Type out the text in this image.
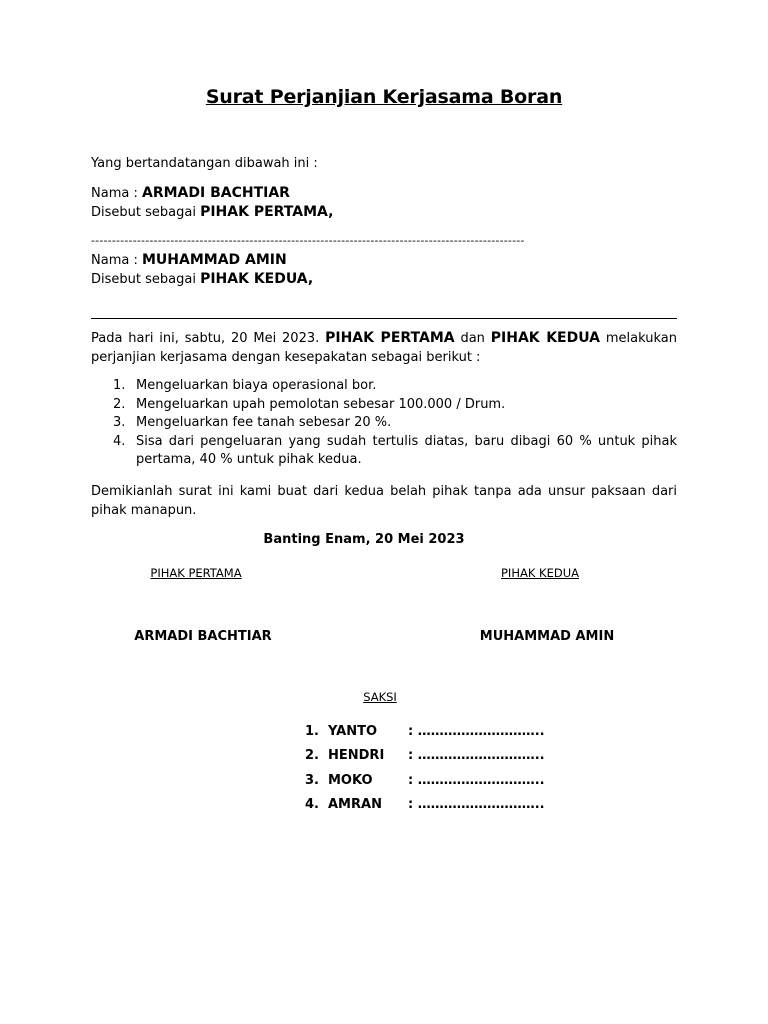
Surat Perjanjian Kerjasama Boran
Yang bertandatangan dibawah ini :
Nama : ARMADI BACHTIAR
Disebut sebagai PIHAK PERTAMA,
--------------------------------------------------------------------------------------------------------
Nama : MUHAMMAD AMIN
Disebut sebagai PIHAK KEDUA,
Pada hari ini, sabtu, 20 Mei 2023. PIHAK PERTAMA dan PIHAK KEDUA melakukan perjanjian kerjasama dengan kesepakatan sebagai berikut :
1. Mengeluarkan biaya operasional bor.
2. Mengeluarkan upah pemolotan sebesar 100.000 / Drum.
3. Mengeluarkan fee tanah sebesar 20 %.
4. Sisa dari pengeluaran yang sudah tertulis diatas, baru dibagi 60 % untuk pihak pertama, 40 % untuk pihak kedua.
Demikianlah surat ini kami buat dari kedua belah pihak tanpa ada unsur paksaan dari pihak manapun.
Banting Enam, 20 Mei 2023
PIHAK PERTAMA	PIHAK KEDUA
ARMADI BACHTIAR	MUHAMMAD AMIN
SAKSI
1. YANTO : ………………………..
2. HENDRI : ………………………..
3. MOKO	: ………………………..
4. AMRAN : ………………………..
